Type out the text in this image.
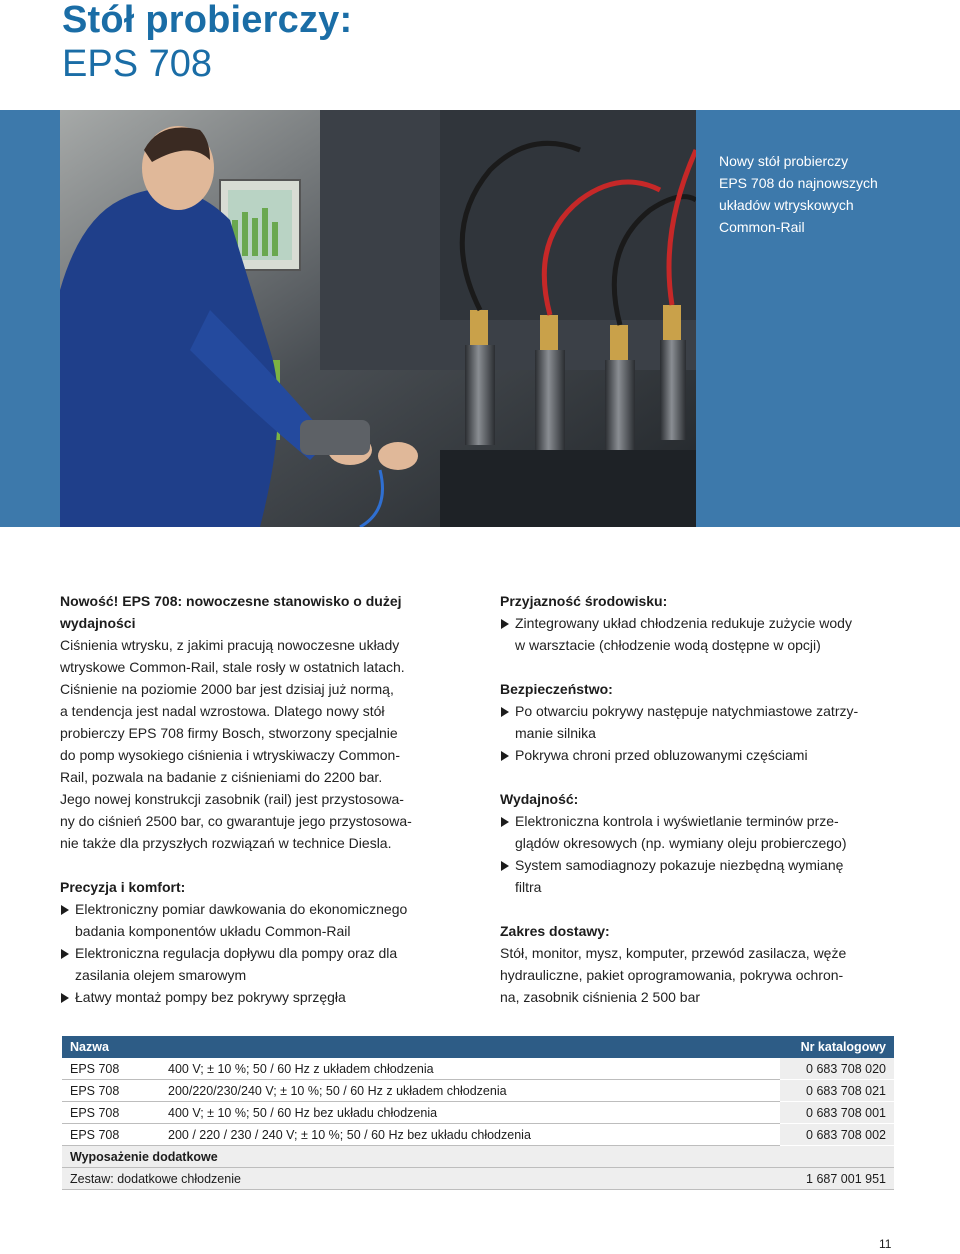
Stół probierczy:
EPS 708
Nowy stół probierczy
EPS 708 do najnowszych
układów wtryskowych
Common-Rail
Nowość! EPS 708: nowoczesne stanowisko o dużej
wydajności

Ciśnienia wtrysku, z jakimi pracują nowoczesne układy
wtryskowe Common-Rail, stale rosły w ostatnich latach.
Ciśnienie na poziomie 2000 bar jest dzisiaj już normą,
a tendencja jest nadal wzrostowa. Dlatego nowy stół
probierczy EPS 708 firmy Bosch, stworzony specjalnie
do pomp wysokiego ciśnienia i wtryskiwaczy Common-
Rail, pozwala na badanie z ciśnieniami do 2200 bar.
Jego nowej konstrukcji zasobnik (rail) jest przystosowa-
ny do ciśnień 2500 bar, co gwarantuje jego przystosowa-
nie także dla przyszłych rozwiązań w technice Diesla.

Precyzja i komfort:
Elektroniczny pomiar dawkowania do ekonomicznego
badania komponentów układu Common-Rail
Elektroniczna regulacja dopływu dla pompy oraz dla
zasilania olejem smarowym
Łatwy montaż pompy bez pokrywy sprzęgła
Przyjazność środowisku:
Zintegrowany układ chłodzenia redukuje zużycie wody
w warsztacie (chłodzenie wodą dostępne w opcji)
Bezpieczeństwo:
Po otwarciu pokrywy następuje natychmiastowe zatrzy-
manie silnika
Pokrywa chroni przed obluzowanymi częściami
Wydajność:
Elektroniczna kontrola i wyświetlanie terminów prze-
glądów okresowych (np. wymiany oleju probierczego)
System samodiagnozy pokazuje niezbędną wymianę
filtra
Zakres dostawy:

Stół, monitor, mysz, komputer, przewód zasilacza, węże
hydrauliczne, pakiet oprogramowania, pokrywa ochron-
na, zasobnik ciśnienia 2 500 bar

Nazwa		Nr katalogowy
EPS 708	400 V; ± 10 %; 50 / 60 Hz z układem chłodzenia	0 683 708 020
EPS 708	200/220/230/240 V; ± 10 %; 50 / 60 Hz z układem chłodzenia	0 683 708 021
EPS 708	400 V; ± 10 %; 50 / 60 Hz bez układu chłodzenia	0 683 708 001
EPS 708	200 / 220 / 230 / 240 V; ± 10 %; 50 / 60 Hz bez układu chłodzenia	0 683 708 002
Wyposażenie dodatkowe		
Zestaw: dodatkowe chłodzenie		1 687 001 951
11
